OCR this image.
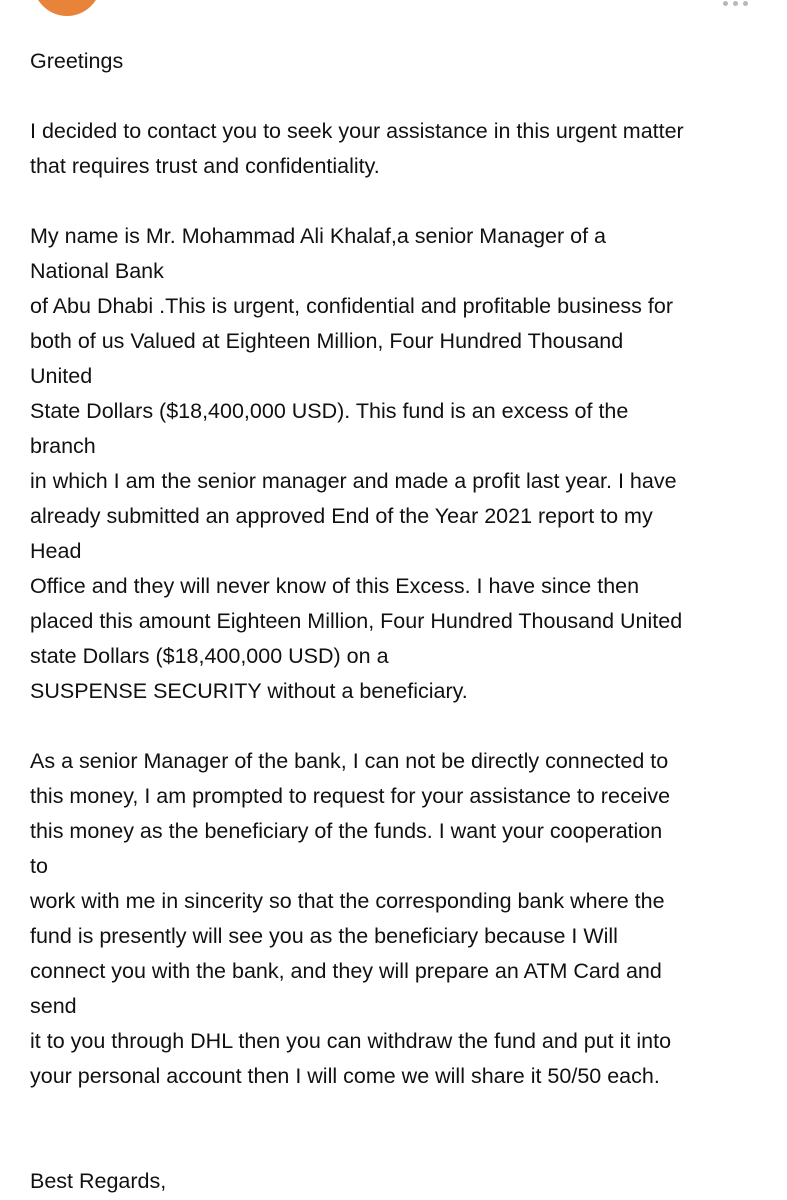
Greetings
I decided to contact you to seek your assistance in this urgent matter
that requires trust and confidentiality.
My name is Mr. Mohammad Ali Khalaf,a senior Manager of a
National Bank
of Abu Dhabi .This is urgent, confidential and profitable business for
both of us Valued at Eighteen Million, Four Hundred Thousand
United
State Dollars ($18,400,000 USD). This fund is an excess of the
branch
in which I am the senior manager and made a profit last year. I have
already submitted an approved End of the Year 2021 report to my
Head
Office and they will never know of this Excess. I have since then
placed this amount Eighteen Million, Four Hundred Thousand United
state Dollars ($18,400,000 USD) on a
SUSPENSE SECURITY without a beneficiary.
As a senior Manager of the bank, I can not be directly connected to
this money, I am prompted to request for your assistance to receive
this money as the beneficiary of the funds. I want your cooperation
to
work with me in sincerity so that the corresponding bank where the
fund is presently will see you as the beneficiary because I Will
connect you with the bank, and they will prepare an ATM Card and
send
it to you through DHL then you can withdraw the fund and put it into
your personal account then I will come we will share it 50/50 each.
Best Regards,
